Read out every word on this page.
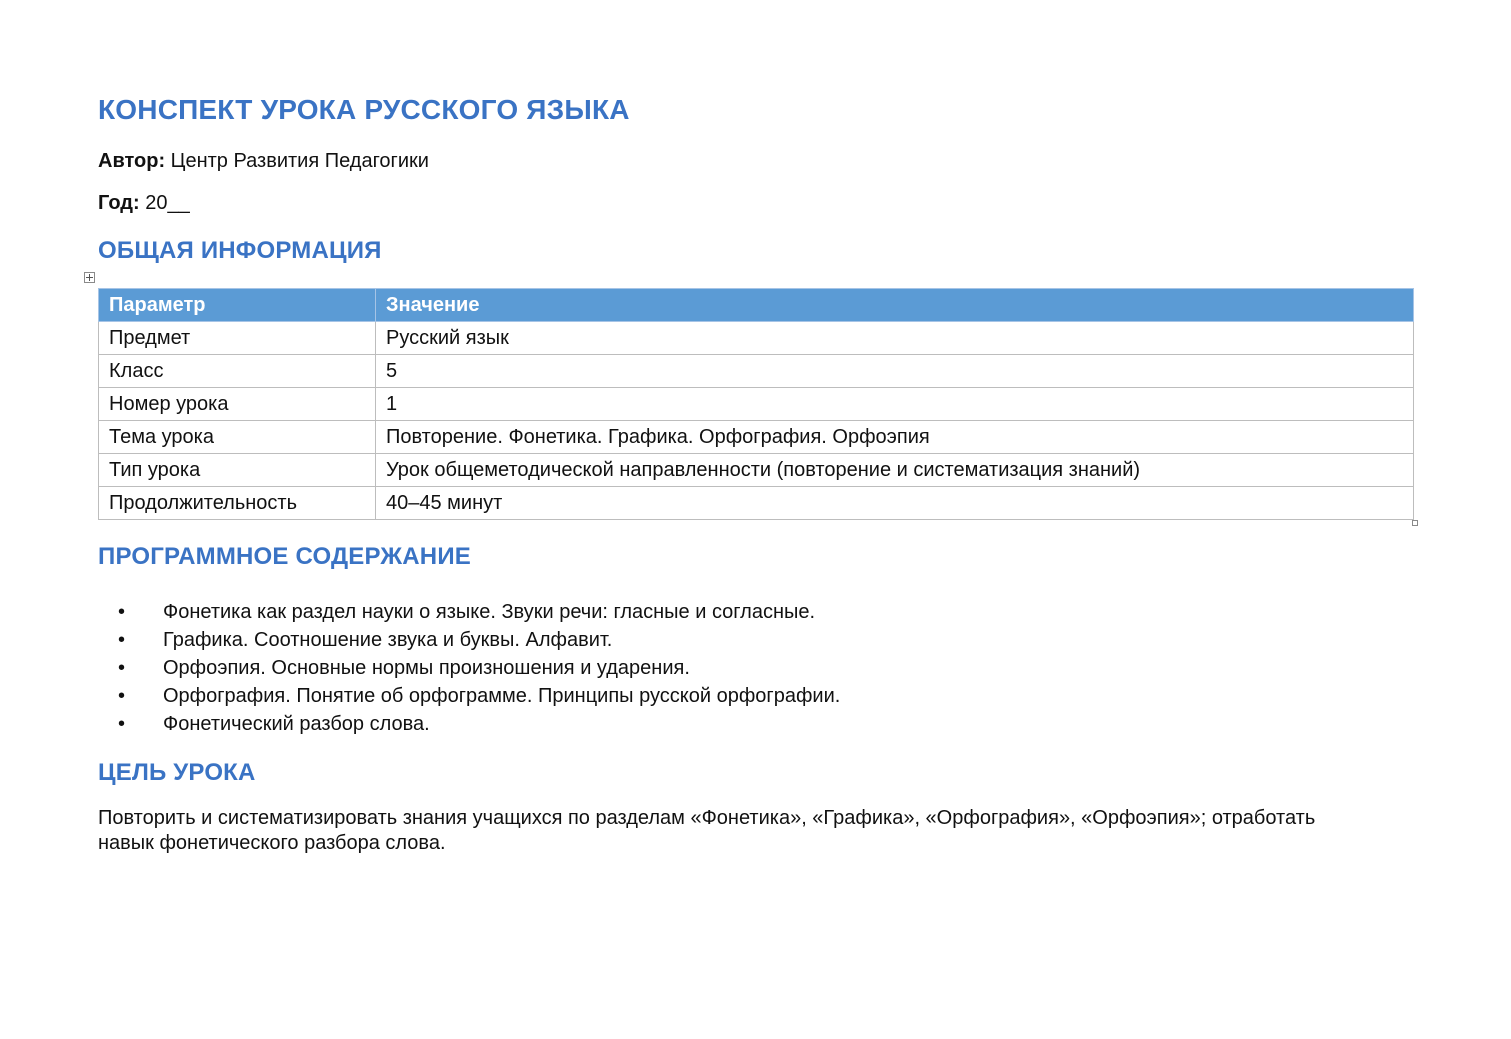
КОНСПЕКТ УРОКА РУССКОГО ЯЗЫКА

Автор: Центр Развития Педагогики

Год: 20__

ОБЩАЯ ИНФОРМАЦИЯ
Параметр	Значение
Предмет	Русский язык
Класс	5
Номер урока	1
Тема урока	Повторение. Фонетика. Графика. Орфография. Орфоэпия
Тип урока	Урок общеметодической направленности (повторение и систематизация знаний)
Продолжительность	40–45 минут
ПРОГРАММНОЕ СОДЕРЖАНИЕ
• Фонетика как раздел науки о языке. Звуки речи: гласные и согласные.
• Графика. Соотношение звука и буквы. Алфавит.
• Орфоэпия. Основные нормы произношения и ударения.
• Орфография. Понятие об орфограмме. Принципы русской орфографии.
• Фонетический разбор слова.
ЦЕЛЬ УРОКА

Повторить и систематизировать знания учащихся по разделам «Фонетика», «Графика», «Орфография», «Орфоэпия»; отработать навык фонетического разбора слова.
